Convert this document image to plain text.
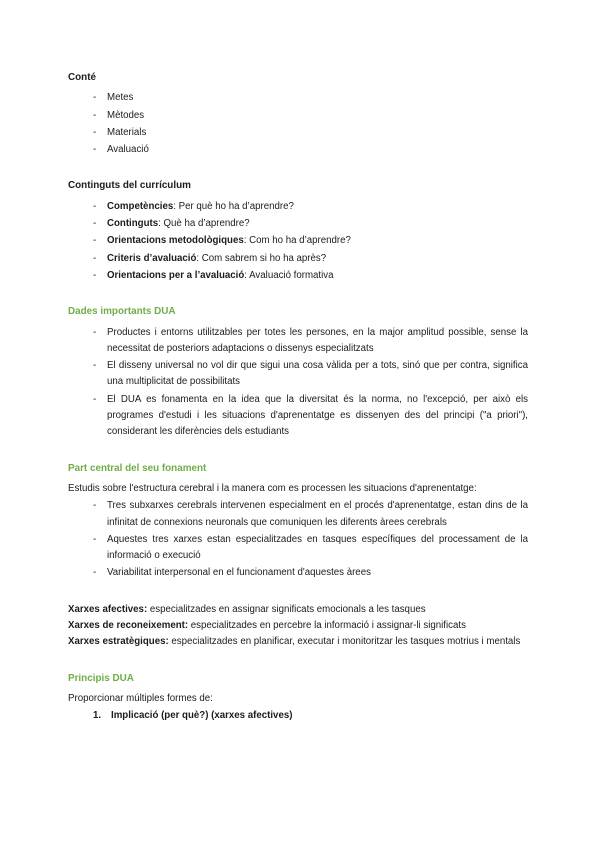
Conté
- Metes
- Mètodes
- Materials
- Avaluació
Continguts del currículum
- Competències: Per què ho ha d’aprendre?
- Continguts: Què ha d’aprendre?
- Orientacions metodològiques: Com ho ha d’aprendre?
- Criteris d’avaluació: Com sabrem si ho ha après?
- Orientacions per a l’avaluació: Avaluació formativa
Dades importants DUA
- Productes i entorns utilitzables per totes les persones, en la major amplitud possible, sense la necessitat de posteriors adaptacions o dissenys especialitzats
- El disseny universal no vol dir que sigui una cosa vàlida per a tots, sinó que per contra, significa una multiplicitat de possibilitats
- El DUA es fonamenta en la idea que la diversitat és la norma, no l'excepció, per això els programes d'estudi i les situacions d'aprenentatge es dissenyen des del principi ("a priori"), considerant les diferències dels estudiants
Part central del seu fonament

Estudis sobre l'estructura cerebral i la manera com es processen les situacions d'aprenentatge:

- Tres subxarxes cerebrals intervenen especialment en el procés d'aprenentatge, estan dins de la infinitat de connexions neuronals que comuniquen les diferents àrees cerebrals
- Aquestes tres xarxes estan especialitzades en tasques específiques del processament de la informació o execució
- Variabilitat interpersonal en el funcionament d'aquestes àrees

Xarxes afectives: especialitzades en assignar significats emocionals a les tasques

Xarxes de reconeixement: especialitzades en percebre la informació i assignar-li significats

Xarxes estratègiques: especialitzades en planificar, executar i monitoritzar les tasques motrius i mentals

Principis DUA

Proporcionar múltiples formes de:

1. Implicació (per què?) (xarxes afectives)
